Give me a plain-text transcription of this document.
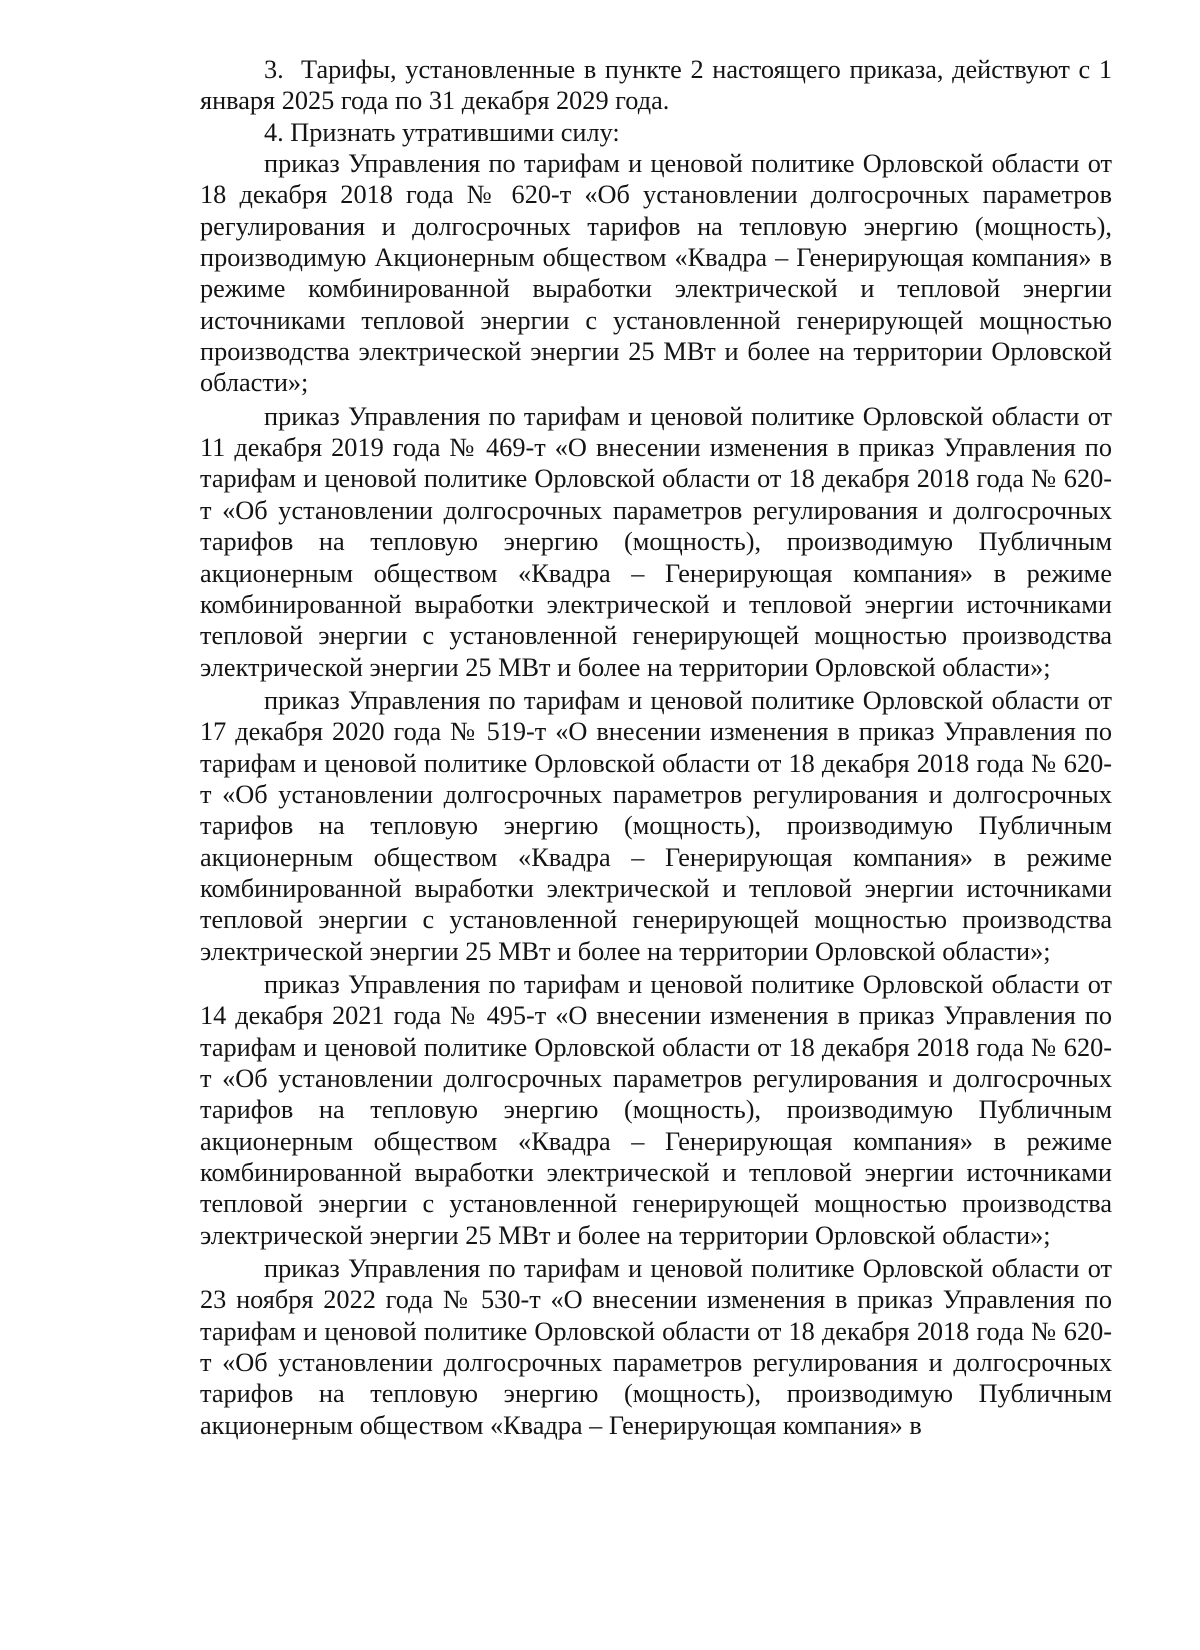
3.  Тарифы, установленные в пункте 2 настоящего приказа, действуют с 1 января 2025 года по 31 декабря 2029 года.

4. Признать утратившими силу:

приказ Управления по тарифам и ценовой политике Орловской области от 18 декабря 2018 года № 620-т «Об установлении долгосрочных параметров регулирования и долгосрочных тарифов на тепловую энергию (мощность), производимую Акционерным обществом «Квадра – Генерирующая компания» в режиме комбинированной выработки электрической и тепловой энергии источниками тепловой энергии с установленной генерирующей мощностью производства электрической энергии 25 МВт и более на территории Орловской области»;

приказ Управления по тарифам и ценовой политике Орловской области от 11 декабря 2019 года № 469-т «О внесении изменения в приказ Управления по тарифам и ценовой политике Орловской области от 18 декабря 2018 года № 620-т «Об установлении долгосрочных параметров регулирования и долгосрочных тарифов на тепловую энергию (мощность), производимую Публичным акционерным обществом «Квадра – Генерирующая компания» в режиме комбинированной выработки электрической и тепловой энергии источниками тепловой энергии с установленной генерирующей мощностью производства электрической энергии 25 МВт и более на территории Орловской области»;

приказ Управления по тарифам и ценовой политике Орловской области от 17 декабря 2020 года № 519-т «О внесении изменения в приказ Управления по тарифам и ценовой политике Орловской области от 18 декабря 2018 года № 620-т «Об установлении долгосрочных параметров регулирования и долгосрочных тарифов на тепловую энергию (мощность), производимую Публичным акционерным обществом «Квадра – Генерирующая компания» в режиме комбинированной выработки электрической и тепловой энергии источниками тепловой энергии с установленной генерирующей мощностью производства электрической энергии 25 МВт и более на территории Орловской области»;

приказ Управления по тарифам и ценовой политике Орловской области от 14 декабря 2021 года № 495-т «О внесении изменения в приказ Управления по тарифам и ценовой политике Орловской области от 18 декабря 2018 года № 620-т «Об установлении долгосрочных параметров регулирования и долгосрочных тарифов на тепловую энергию (мощность), производимую Публичным акционерным обществом «Квадра – Генерирующая компания» в режиме комбинированной выработки электрической и тепловой энергии источниками тепловой энергии с установленной генерирующей мощностью производства электрической энергии 25 МВт и более на территории Орловской области»;

приказ Управления по тарифам и ценовой политике Орловской области от 23 ноября 2022 года № 530-т «О внесении изменения в приказ Управления по тарифам и ценовой политике Орловской области от 18 декабря 2018 года № 620-т «Об установлении долгосрочных параметров регулирования и долгосрочных тарифов на тепловую энергию (мощность), производимую Публичным акционерным обществом «Квадра – Генерирующая компания» в
